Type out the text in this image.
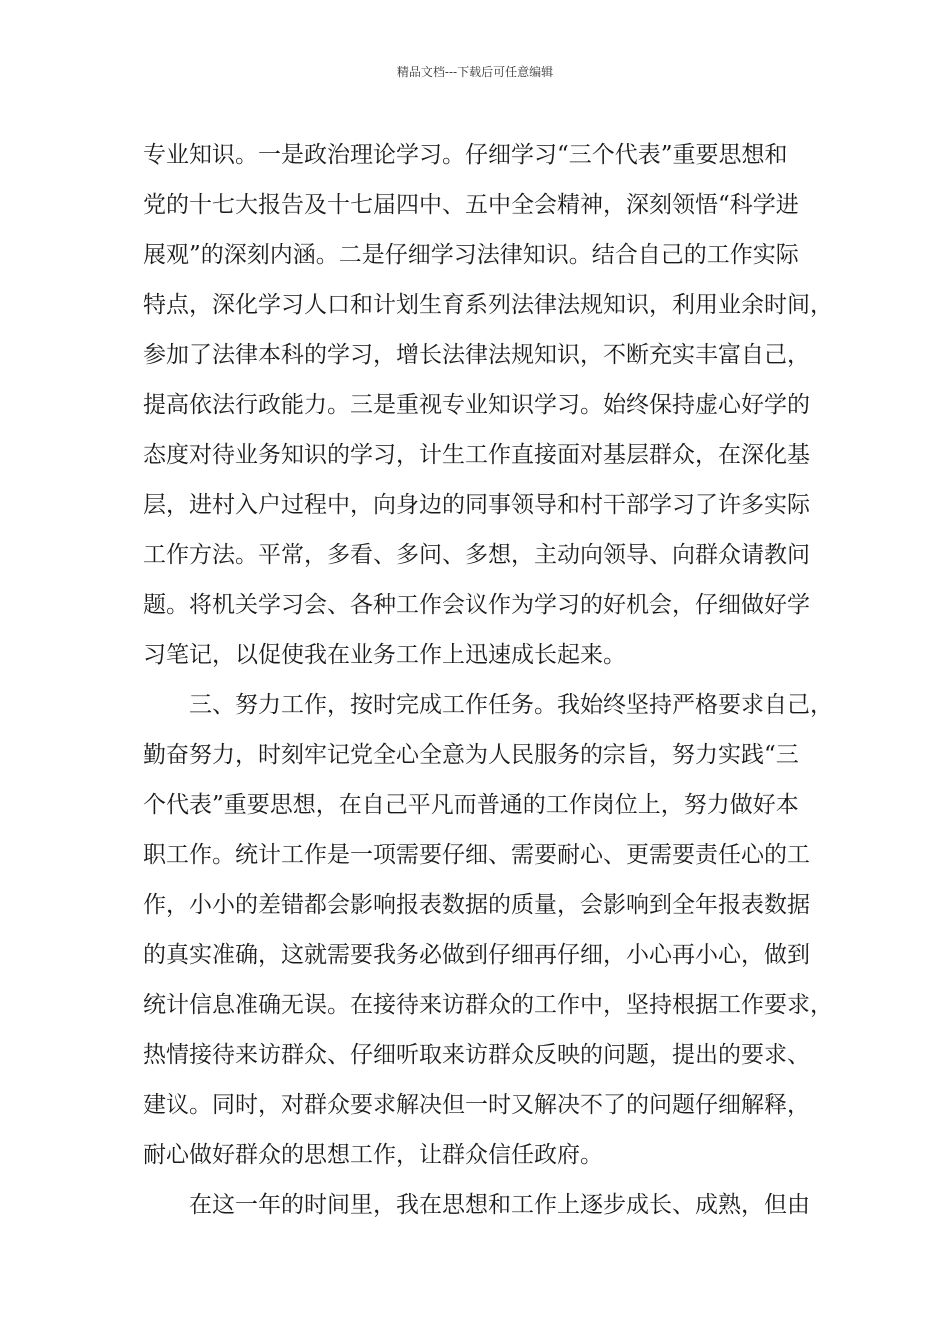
精品文档---下载后可任意编辑
专业知识。一是政治理论学习。仔细学习“三个代表”重要思想和
党的十七大报告及十七届四中、五中全会精神，深刻领悟“科学进
展观”的深刻内涵。二是仔细学习法律知识。结合自己的工作实际
特点，深化学习人口和计划生育系列法律法规知识，利用业余时间，
参加了法律本科的学习，增长法律法规知识，不断充实丰富自己，
提高依法行政能力。三是重视专业知识学习。始终保持虚心好学的
态度对待业务知识的学习，计生工作直接面对基层群众，在深化基
层，进村入户过程中，向身边的同事领导和村干部学习了许多实际
工作方法。平常，多看、多问、多想，主动向领导、向群众请教问
题。将机关学习会、各种工作会议作为学习的好机会，仔细做好学
习笔记，以促使我在业务工作上迅速成长起来。
三、努力工作，按时完成工作任务。我始终坚持严格要求自己，
勤奋努力，时刻牢记党全心全意为人民服务的宗旨，努力实践“三
个代表”重要思想，在自己平凡而普通的工作岗位上，努力做好本
职工作。统计工作是一项需要仔细、需要耐心、更需要责任心的工
作，小小的差错都会影响报表数据的质量，会影响到全年报表数据
的真实准确，这就需要我务必做到仔细再仔细，小心再小心，做到
统计信息准确无误。在接待来访群众的工作中，坚持根据工作要求，
热情接待来访群众、仔细听取来访群众反映的问题，提出的要求、
建议。同时，对群众要求解决但一时又解决不了的问题仔细解释，
耐心做好群众的思想工作，让群众信任政府。
在这一年的时间里，我在思想和工作上逐步成长、成熟，但由
